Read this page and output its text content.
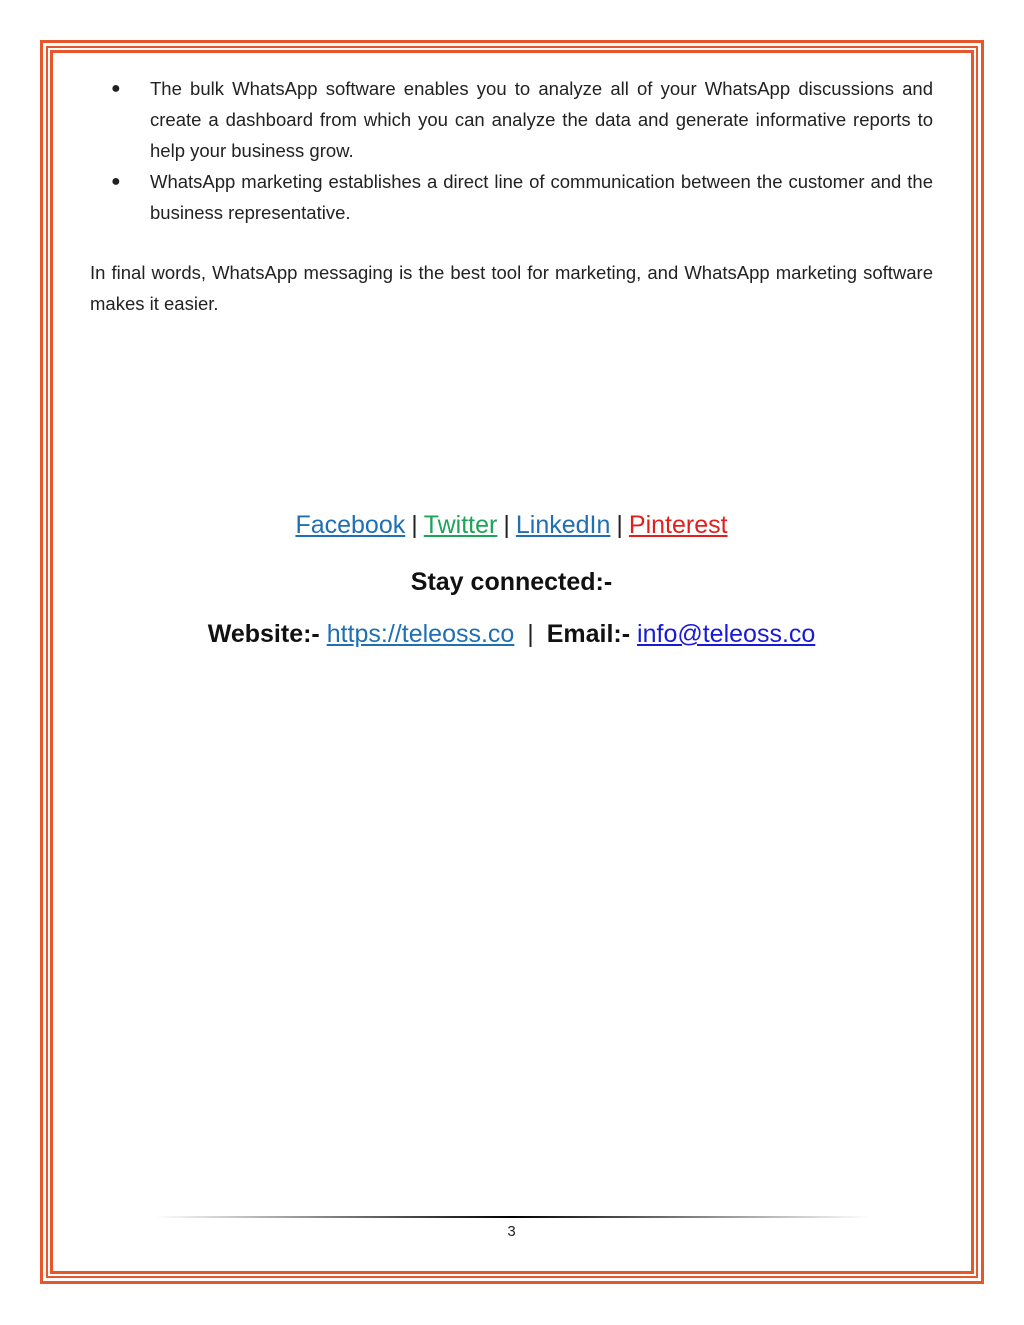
● The bulk WhatsApp software enables you to analyze all of your WhatsApp discussions and create a dashboard from which you can analyze the data and generate informative reports to help your business grow.
● WhatsApp marketing establishes a direct line of communication between the customer and the business representative.

In final words, WhatsApp messaging is the best tool for marketing, and WhatsApp marketing software makes it easier.

Facebook | Twitter | LinkedIn | Pinterest
Stay connected:-
Website:- https://teleoss.co | Email:- info@teleoss.co
3
